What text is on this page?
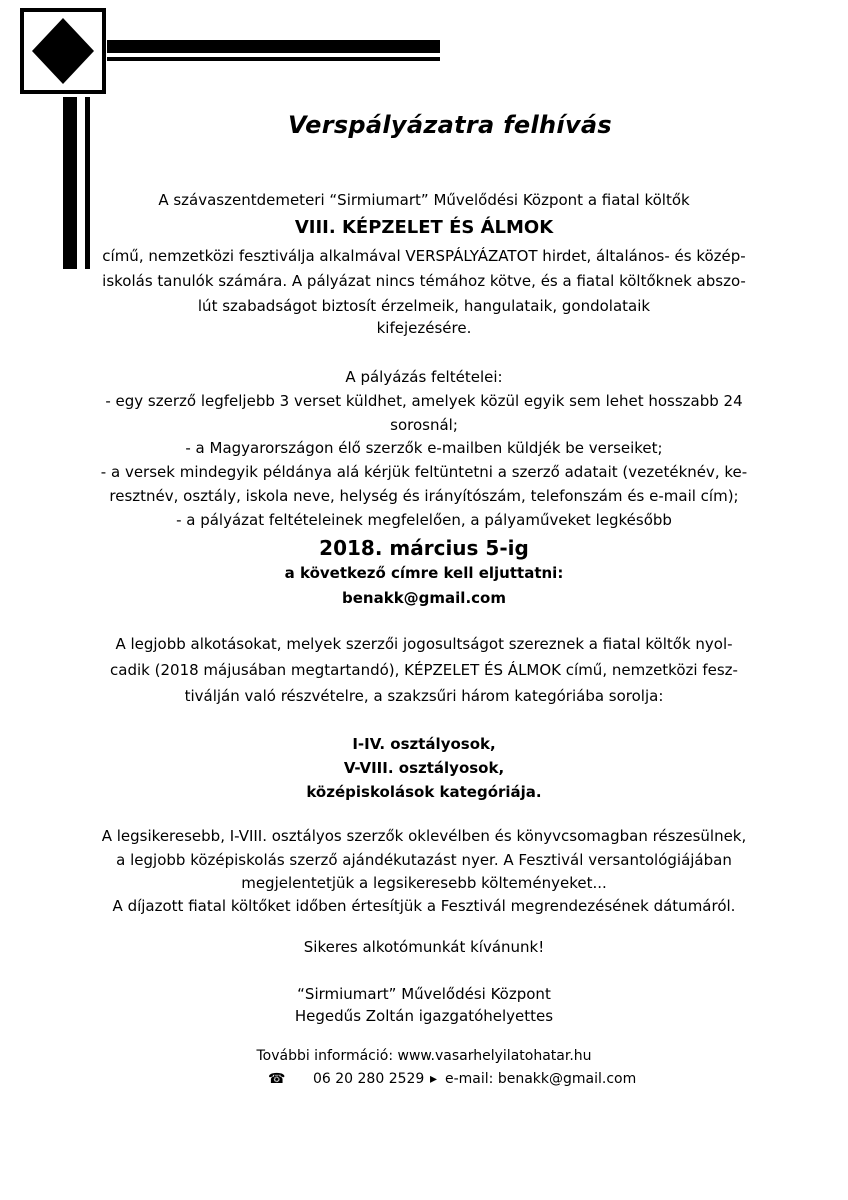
Verspályázatra felhívás
A szávaszentdemeteri “Sirmiumart” Művelődési Központ a fiatal költők
VIII. KÉPZELET ÉS ÁLMOK
című, nemzetközi fesztiválja alkalmával VERSPÁLYÁZATOT hirdet, általános- és közép-
iskolás tanulók számára. A pályázat nincs témához kötve, és a fiatal költőknek abszo-
lút szabadságot biztosít érzelmeik, hangulataik, gondolataik
kifejezésére.
A pályázás feltételei:
- egy szerző legfeljebb 3 verset küldhet, amelyek közül egyik sem lehet hosszabb 24
sorosnál;
- a Magyarországon élő szerzők e-mailben küldjék be verseiket;
- a versek mindegyik példánya alá kérjük feltüntetni a szerző adatait (vezetéknév, ke-
resztnév, osztály, iskola neve, helység és irányítószám, telefonszám és e-mail cím);
- a pályázat feltételeinek megfelelően, a pályaműveket legkésőbb
2018. március 5-ig
a következő címre kell eljuttatni:
benakk@gmail.com
A legjobb alkotásokat, melyek szerzői jogosultságot szereznek a fiatal költők nyol-
cadik (2018 májusában megtartandó), KÉPZELET ÉS ÁLMOK című, nemzetközi fesz-
tiválján való részvételre, a szakzsűri három kategóriába sorolja:
I-IV. osztályosok,
V-VIII. osztályosok,
középiskolások kategóriája.
A legsikeresebb, I-VIII. osztályos szerzők oklevélben és könyvcsomagban részesülnek,
a legjobb középiskolás szerző ajándékutazást nyer. A Fesztivál versantológiájában
megjelentetjük a legsikeresebb költeményeket...
A díjazott fiatal költőket időben értesítjük a Fesztivál megrendezésének dátumáról.
Sikeres alkotómunkát kívánunk!
“Sirmiumart” Művelődési Központ
Hegedűs Zoltán igazgatóhelyettes
További információ: www.vasarhelyilatohatar.hu
☎ 06 20 280 2529 ▸ e-mail: benakk@gmail.com
